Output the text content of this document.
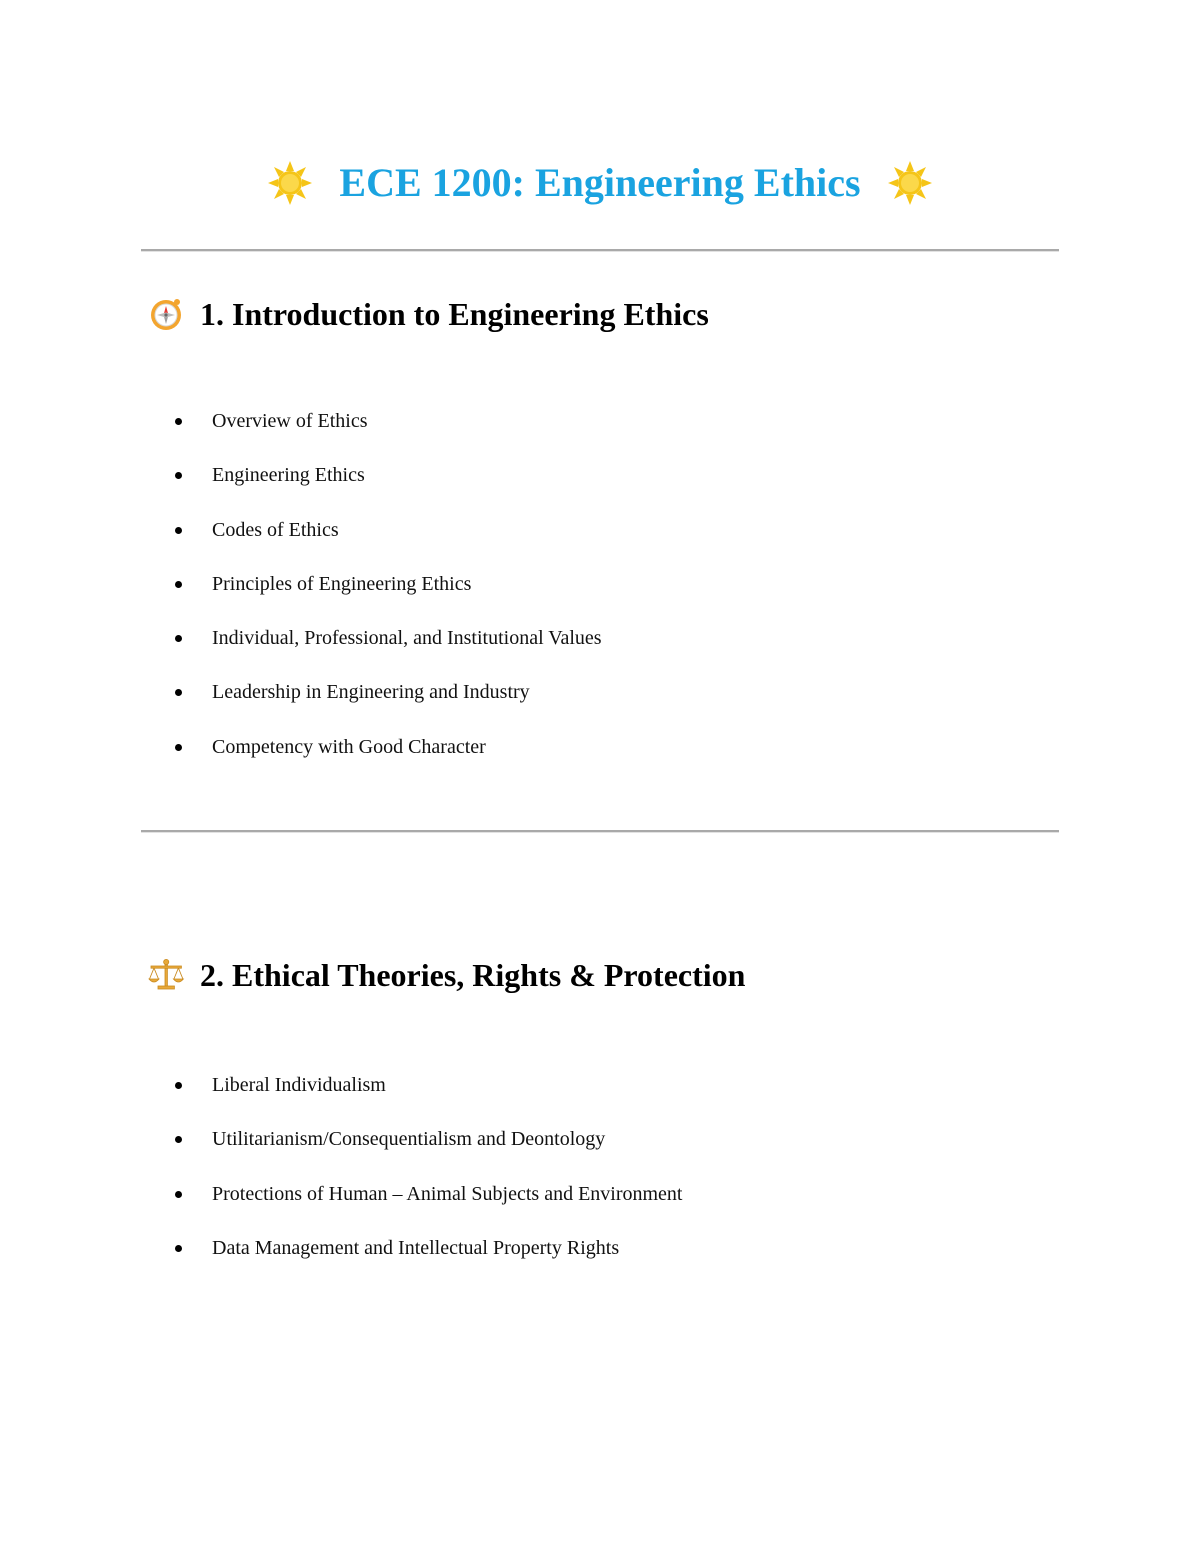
ECE 1200: Engineering Ethics
1. Introduction to Engineering Ethics
Overview of Ethics
Engineering Ethics
Codes of Ethics
Principles of Engineering Ethics
Individual, Professional, and Institutional Values
Leadership in Engineering and Industry
Competency with Good Character
2. Ethical Theories, Rights & Protection
Liberal Individualism
Utilitarianism/Consequentialism and Deontology
Protections of Human – Animal Subjects and Environment
Data Management and Intellectual Property Rights
